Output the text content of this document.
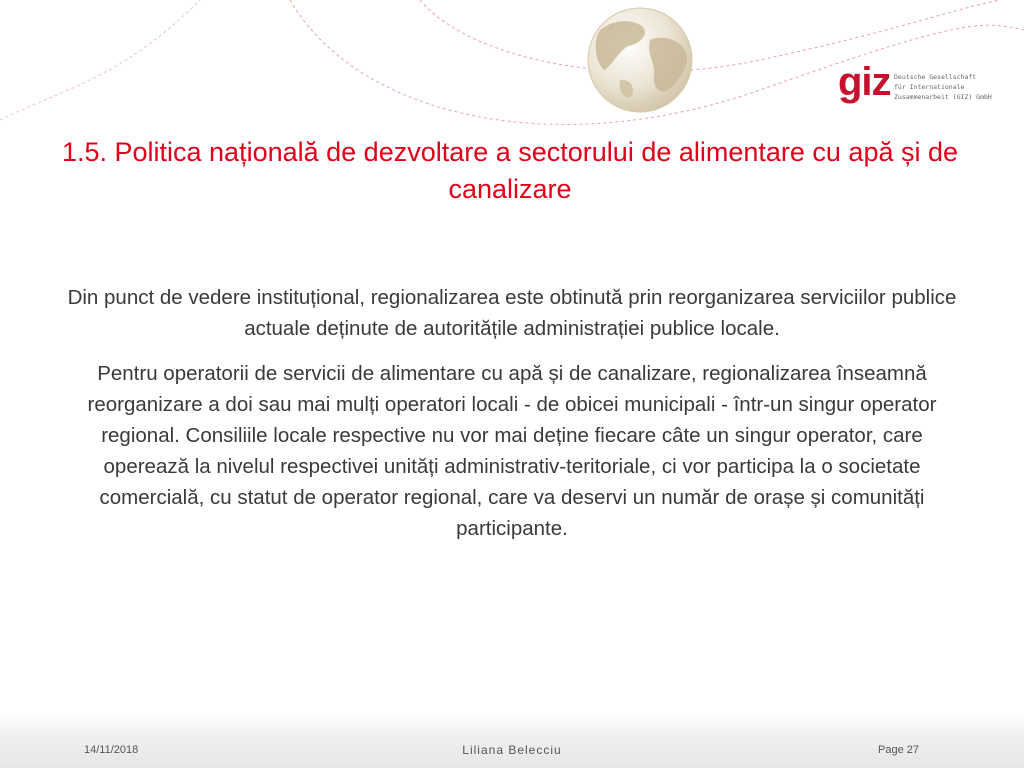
giz Deutsche Gesellschaft
für Internationale
Zusammenarbeit (GIZ) GmbH
1.5. Politica națională de dezvoltare a sectorului de alimentare cu apă și de canalizare

Din punct de vedere instituțional, regionalizarea este obtinută prin reorganizarea serviciilor publice actuale deținute de autoritățile administrației publice locale.

Pentru operatorii de servicii de alimentare cu apă și de canalizare, regionalizarea înseamnă reorganizare a doi sau mai mulți operatori locali - de obicei municipali - într-un singur operator regional. Consiliile locale respective nu vor mai deține fiecare câte un singur operator, care operează la nivelul respectivei unități administrativ-teritoriale, ci vor participa la o societate comercială, cu statut de operator regional, care va deservi un număr de orașe și comunități participante.

14/11/2018	Liliana Belecciu	Page 27
